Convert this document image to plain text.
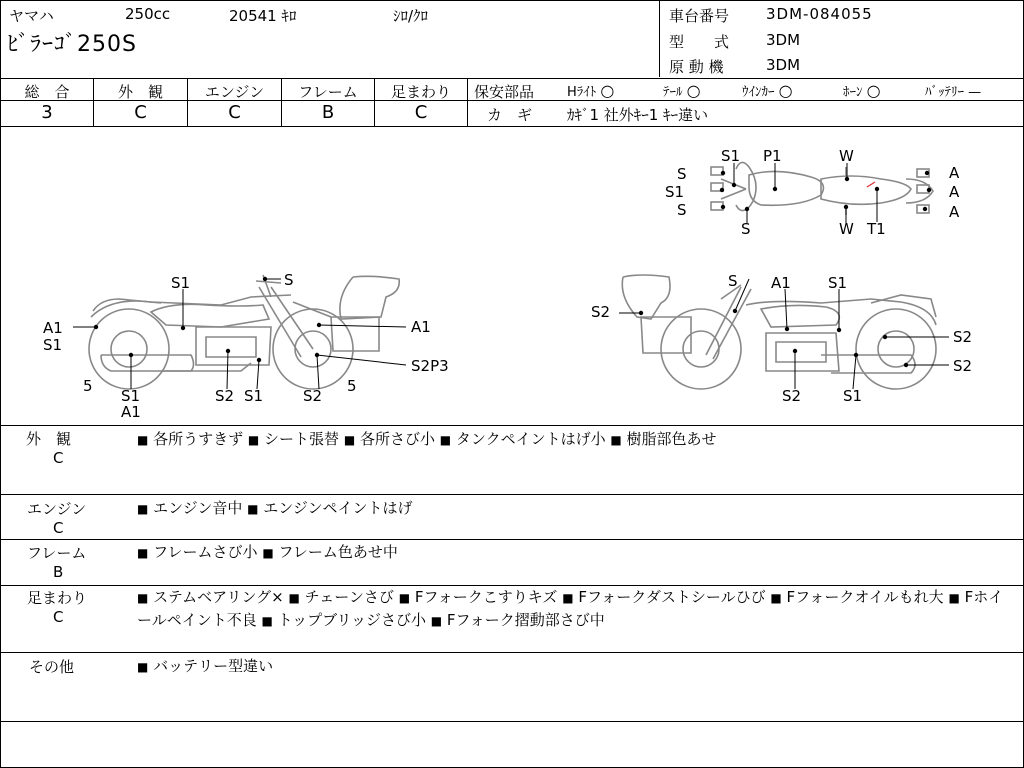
ヤマハ	250cc	20541 ｷﾛ	ｼﾛ/ｸﾛ
ﾋﾞﾗｰｺﾞ250S
車台番号 3DM-084055
型　　式 3DM
原 動 機	3DM
総　合	外　観	エンジン	フレーム	足まわり
3	C	C	B	C
保安部品	Hﾗｲﾄ ○	ﾃｰﾙ ○	ｳｲﾝｶｰ ○	ﾎｰﾝ ○	ﾊﾞｯﾃﾘｰ —
カ　ギ ｶｷﾞ1 社外ｷｰ1 ｷｰ違い
S1 P1	W
S
S1
S
S	W T1
A
A
A
S1	S
A1
S1
A1
S1
A1
5
S2 S1	S2
5
S2P3
S A1 S1
S2
S2
S2
S2	S1
外　観
C
■ 各所うすきず ■ シート張替 ■ 各所さび小 ■ タンクペイントはげ小 ■ 樹脂部色あせ
エンジン
C
■ エンジン音中 ■ エンジンペイントはげ
フレーム
B
■ フレームさび小 ■ フレーム色あせ中
足まわり
C
■ ステムベアリング× ■ チェーンさび ■ Fフォークこすりキズ ■ Fフォークダストシールひび ■ Fフォークオイルもれ大 ■ Fホイールペイント不良 ■ トップブリッジさび小 ■ Fフォーク摺動部さび中
その他	■ バッテリー型違い
